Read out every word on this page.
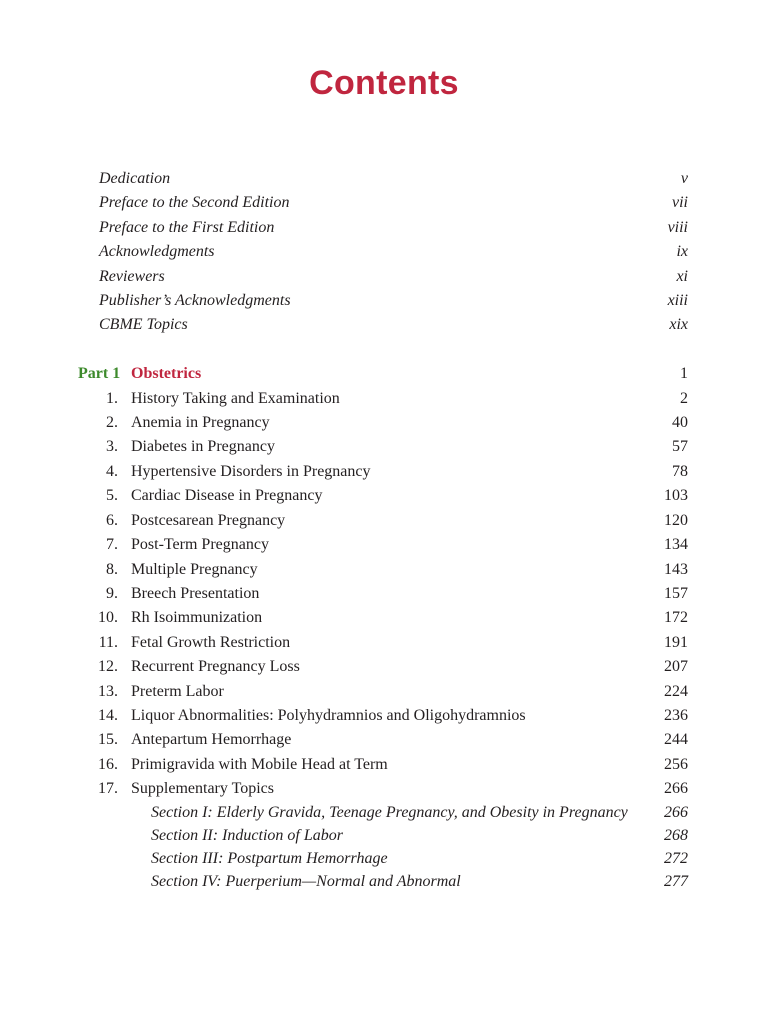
Contents
Dedication	v
Preface to the Second Edition	vii
Preface to the First Edition	viii
Acknowledgments	ix
Reviewers	xi
Publisher’s Acknowledgments	xiii
CBME Topics	xix
Part 1 Obstetrics	1
1. History Taking and Examination	2
2. Anemia in Pregnancy	40
3. Diabetes in Pregnancy	57
4. Hypertensive Disorders in Pregnancy	78
5. Cardiac Disease in Pregnancy	103
6. Postcesarean Pregnancy	120
7. Post-Term Pregnancy	134
8. Multiple Pregnancy	143
9. Breech Presentation	157
10. Rh Isoimmunization	172
11. Fetal Growth Restriction	191
12. Recurrent Pregnancy Loss	207
13. Preterm Labor	224
14. Liquor Abnormalities: Polyhydramnios and Oligohydramnios	236
15. Antepartum Hemorrhage	244
16. Primigravida with Mobile Head at Term	256
17. Supplementary Topics	266
Section I: Elderly Gravida, Teenage Pregnancy, and Obesity in Pregnancy 266
Section II: Induction of Labor	268
Section III: Postpartum Hemorrhage	272
Section IV: Puerperium—Normal and Abnormal	277
